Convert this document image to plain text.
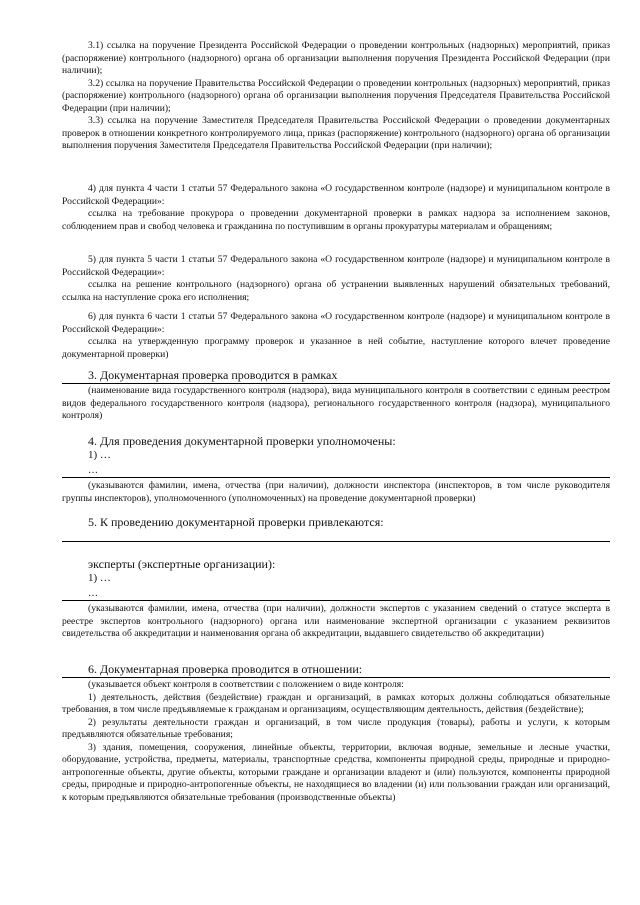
3.1) ссылка на поручение Президента Российской Федерации о проведении контрольных (надзорных) мероприятий, приказ (распоряжение) контрольного (надзорного) органа об организации выполнения поручения Президента Российской Федерации (при наличии);

3.2) ссылка на поручение Правительства Российской Федерации о проведении контрольных (надзорных) мероприятий, приказ (распоряжение) контрольного (надзорного) органа об организации выполнения поручения Председателя Правительства Российской Федерации (при наличии);

3.3) ссылка на поручение Заместителя Председателя Правительства Российской Федерации о проведении документарных проверок в отношении конкретного контролируемого лица, приказ (распоряжение) контрольного (надзорного) органа об организации выполнения поручения Заместителя Председателя Правительства Российской Федерации (при наличии);

4) для пункта 4 части 1 статьи 57 Федерального закона «О государственном контроле (надзоре) и муниципальном контроле в Российской Федерации»:

ссылка на требование прокурора о проведении документарной проверки в рамках надзора за исполнением законов, соблюдением прав и свобод человека и гражданина по поступившим в органы прокуратуры материалам и обращениям;

5) для пункта 5 части 1 статьи 57 Федерального закона «О государственном контроле (надзоре) и муниципальном контроле в Российской Федерации»:

ссылка на решение контрольного (надзорного) органа об устранении выявленных нарушений обязательных требований, ссылка на наступление срока его исполнения;

6) для пункта 6 части 1 статьи 57 Федерального закона «О государственном контроле (надзоре) и муниципальном контроле в Российской Федерации»:

ссылка на утвержденную программу проверок и указанное в ней событие, наступление которого влечет проведение документарной проверки)

3. Документарная проверка проводится в рамках

(наименование вида государственного контроля (надзора), вида муниципального контроля в соответствии с единым реестром видов федерального государственного контроля (надзора), регионального государственного контроля (надзора), муниципального контроля)

4. Для проведения документарной проверки уполномочены:

1) …

…

(указываются фамилии, имена, отчества (при наличии), должности инспектора (инспекторов, в том числе руководителя группы инспекторов), уполномоченного (уполномоченных) на проведение документарной проверки)

5. К проведению документарной проверки привлекаются:

эксперты (экспертные организации):

1) …

…

(указываются фамилии, имена, отчества (при наличии), должности экспертов с указанием сведений о статусе эксперта в реестре экспертов контрольного (надзорного) органа или наименование экспертной организации с указанием реквизитов свидетельства об аккредитации и наименования органа об аккредитации, выдавшего свидетельство об аккредитации)

6. Документарная проверка проводится в отношении:

(указывается объект контроля в соответствии с положением о виде контроля:

1) деятельность, действия (бездействие) граждан и организаций, в рамках которых должны соблюдаться обязательные требования, в том числе предъявляемые к гражданам и организациям, осуществляющим деятельность, действия (бездействие);

2) результаты деятельности граждан и организаций, в том числе продукция (товары), работы и услуги, к которым предъявляются обязательные требования;

3) здания, помещения, сооружения, линейные объекты, территории, включая водные, земельные и лесные участки, оборудование, устройства, предметы, материалы, транспортные средства, компоненты природной среды, природные и природно-антропогенные объекты, другие объекты, которыми граждане и организации владеют и (или) пользуются, компоненты природной среды, природные и природно-антропогенные объекты, не находящиеся во владении (и) или пользовании граждан или организаций, к которым предъявляются обязательные требования (производственные объекты)
